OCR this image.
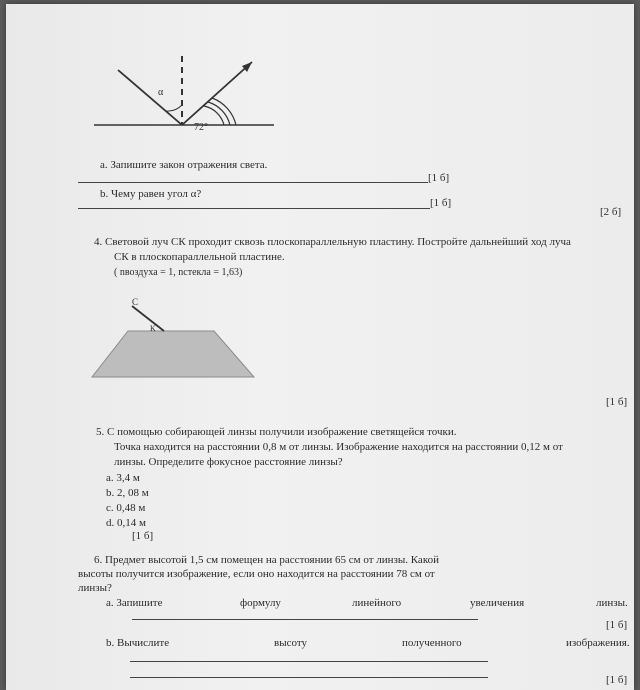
α
72°
a. Запишите закон отражения света.
[1 б]
b. Чему равен угол α?
[1 б]
[2 б]
4. Световой луч СК проходит сквозь плоскопараллельную пластину. Постройте дальнейший ход луча
СК в плоскопараллельной пластине.
( nвоздуха = 1, nстекла = 1,63)
C
K
[1 б]
5. С помощью собирающей линзы получили изображение светящейся точки.
Точка находится на расстоянии 0,8 м от линзы. Изображение находится на расстоянии 0,12 м от
линзы. Определите фокусное расстояние линзы?
a. 3,4 м
b. 2, 08 м
c. 0,48 м
d. 0,14 м
[1 б]
6. Предмет высотой 1,5 см помещен на расстоянии 65 см от линзы. Какой
высоты получится изображение, если оно находится на расстоянии 78 см от
линзы?
a. Запишите	формулу	линейного	увеличения	линзы.
[1 б]
b. Вычислите	высоту	полученного	изображения.
[1 б]
